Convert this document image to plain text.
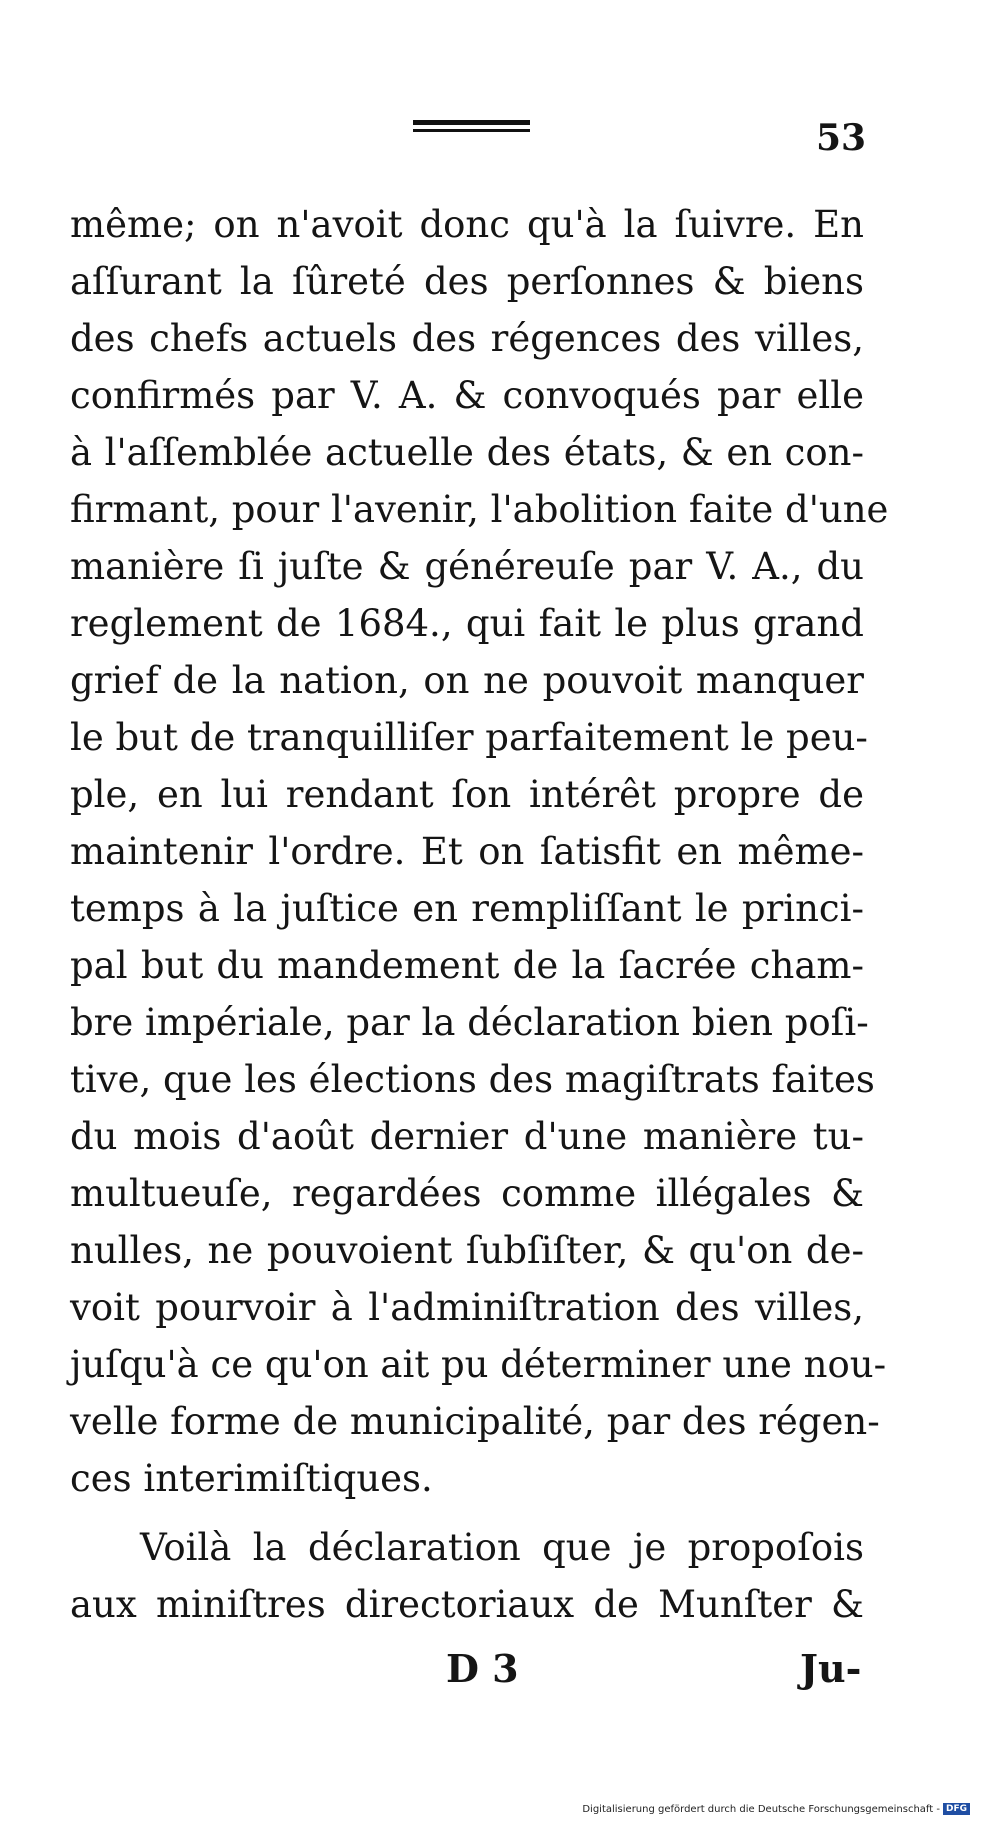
53
même; on n'avoit donc qu'à la ſuivre. En
aſſurant la ſûreté des perſonnes & biens
des chefs actuels des régences des villes,
confirmés par V. A. & convoqués par elle
à l'aſſemblée actuelle des états, & en con-
firmant, pour l'avenir, l'abolition faite d'une
manière ſi juſte & généreuſe par V. A., du
reglement de 1684., qui fait le plus grand
grief de la nation, on ne pouvoit manquer
le but de tranquilliſer parfaitement le peu-
ple, en lui rendant ſon intérêt propre de
maintenir l'ordre. Et on ſatisfit en même-
temps à la juſtice en rempliſſant le princi-
pal but du mandement de la ſacrée cham-
bre impériale, par la déclaration bien poſi-
tive, que les élections des magiſtrats faites
du mois d'août dernier d'une manière tu-
multueuſe, regardées comme illégales &
nulles, ne pouvoient ſubſiſter, & qu'on de-
voit pourvoir à l'adminiſtration des villes,
juſqu'à ce qu'on ait pu déterminer une nou-
velle forme de municipalité, par des régen-
ces interimiſtiques.
Voilà la déclaration que je propoſois
aux miniſtres directoriaux de Munſter &
D 3	Ju-
Digitalisierung gefördert durch die Deutsche Forschungsgemeinschaft - DFG
